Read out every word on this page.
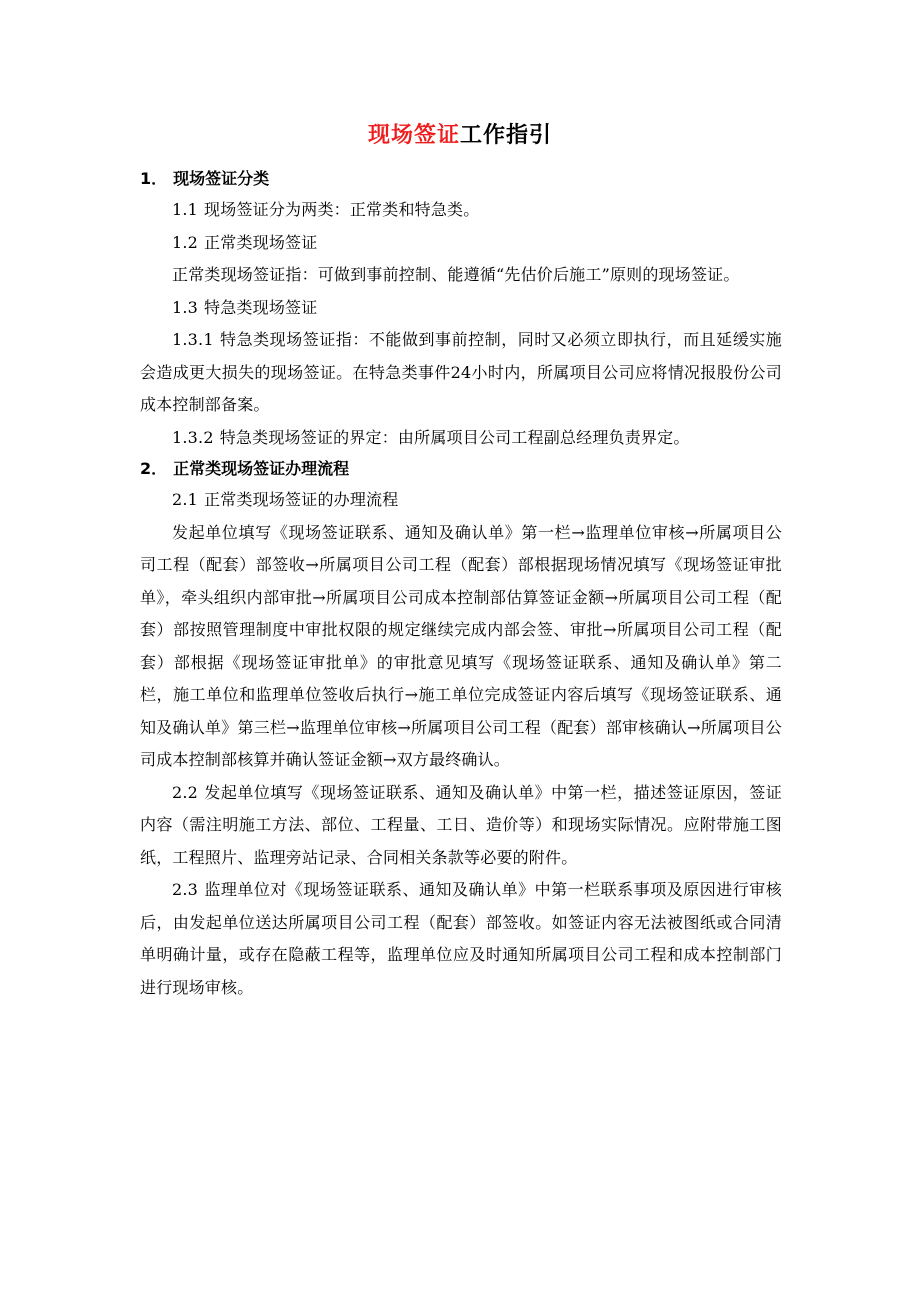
现场签证工作指引
1． 现场签证分类

1.1 现场签证分为两类：正常类和特急类。

1.2 正常类现场签证

正常类现场签证指：可做到事前控制、能遵循“先估价后施工”原则的现场签证。

1.3 特急类现场签证

1.3.1 特急类现场签证指：不能做到事前控制，同时又必须立即执行，而且延缓实施会造成更大损失的现场签证。在特急类事件24小时内，所属项目公司应将情况报股份公司成本控制部备案。

1.3.2 特急类现场签证的界定：由所属项目公司工程副总经理负责界定。

2． 正常类现场签证办理流程

2.1 正常类现场签证的办理流程

发起单位填写《现场签证联系、通知及确认单》第一栏→监理单位审核→所属项目公司工程（配套）部签收→所属项目公司工程（配套）部根据现场情况填写《现场签证审批单》，牵头组织内部审批→所属项目公司成本控制部估算签证金额→所属项目公司工程（配套）部按照管理制度中审批权限的规定继续完成内部会签、审批→所属项目公司工程（配套）部根据《现场签证审批单》的审批意见填写《现场签证联系、通知及确认单》第二栏，施工单位和监理单位签收后执行→施工单位完成签证内容后填写《现场签证联系、通知及确认单》第三栏→监理单位审核→所属项目公司工程（配套）部审核确认→所属项目公司成本控制部核算并确认签证金额→双方最终确认。

2.2 发起单位填写《现场签证联系、通知及确认单》中第一栏，描述签证原因，签证内容（需注明施工方法、部位、工程量、工日、造价等）和现场实际情况。应附带施工图纸，工程照片、监理旁站记录、合同相关条款等必要的附件。

2.3 监理单位对《现场签证联系、通知及确认单》中第一栏联系事项及原因进行审核后，由发起单位送达所属项目公司工程（配套）部签收。如签证内容无法被图纸或合同清单明确计量，或存在隐蔽工程等，监理单位应及时通知所属项目公司工程和成本控制部门进行现场审核。
